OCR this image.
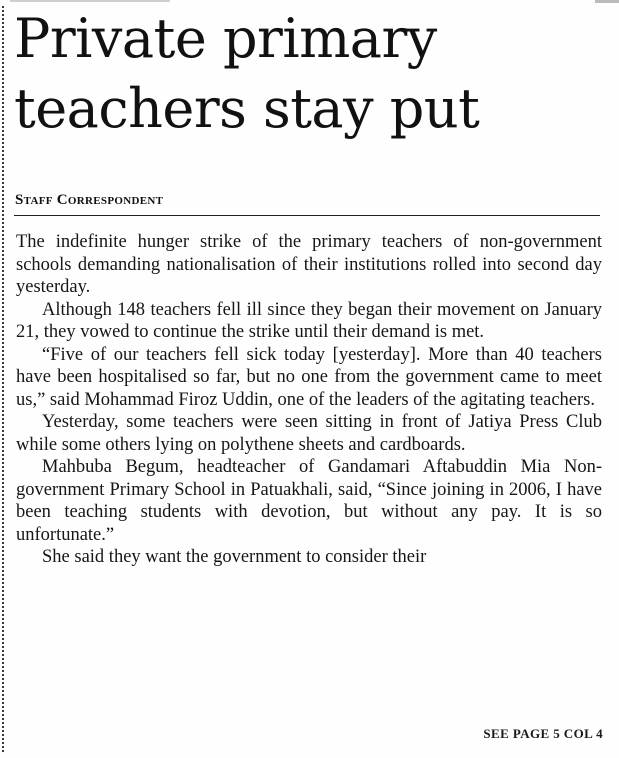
Private primary
teachers stay put
Staff Correspondent

The indefinite hunger strike of the primary teachers of non-government schools demanding nationalisation of their institutions rolled into second day yesterday.

Although 148 teachers fell ill since they began their movement on January 21, they vowed to continue the strike until their demand is met.

“Five of our teachers fell sick today [yesterday]. More than 40 teachers have been hospitalised so far, but no one from the government came to meet us,” said Mohammad Firoz Uddin, one of the leaders of the agitating teachers.

Yesterday, some teachers were seen sitting in front of Jatiya Press Club while some others lying on polythene sheets and cardboards.

Mahbuba Begum, headteacher of Gandamari Aftabuddin Mia Non-government Primary School in Patuakhali, said, “Since joining in 2006, I have been teaching students with devotion, but without any pay. It is so unfortunate.”

She said they want the government to consider their

SEE PAGE 5 COL 4
